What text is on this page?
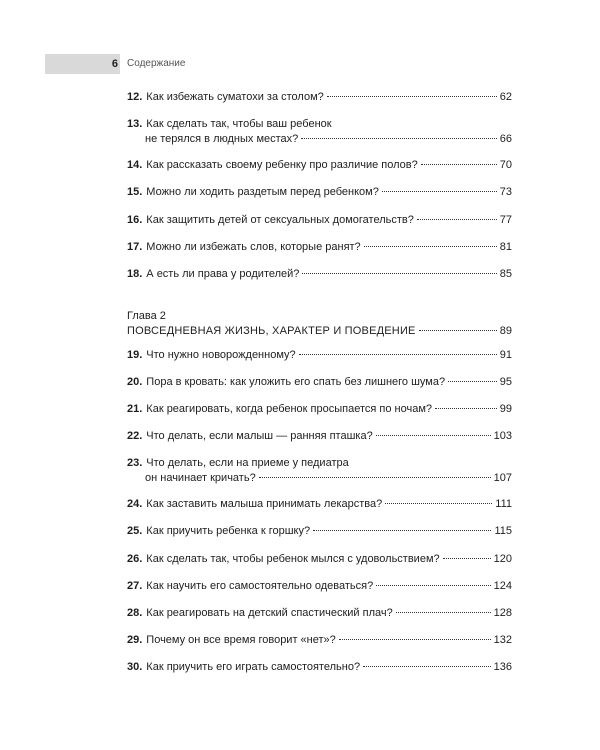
6 Содержание
12. Как избежать суматохи за столом?	62
13. Как сделать так, чтобы ваш ребенок
не терялся в людных местах?	66
14. Как рассказать своему ребенку про различие полов?	70
15. Можно ли ходить раздетым перед ребенком?	73
16. Как защитить детей от сексуальных домогательств?	77
17. Можно ли избежать слов, которые ранят?	81
18. А есть ли права у родителей?	85
Глава 2
ПОВСЕДНЕВНАЯ ЖИЗНЬ, ХАРАКТЕР И ПОВЕДЕНИЕ	89
19. Что нужно новорожденному?	91
20. Пора в кровать: как уложить его спать без лишнего шума?	95
21. Как реагировать, когда ребенок просыпается по ночам?	99
22. Что делать, если малыш — ранняя пташка?	103
23. Что делать, если на приеме у педиатра
он начинает кричать?	107
24. Как заставить малыша принимать лекарства?	111
25. Как приучить ребенка к горшку?	115
26. Как сделать так, чтобы ребенок мылся с удовольствием?	120
27. Как научить его самостоятельно одеваться?	124
28. Как реагировать на детский спастический плач?	128
29. Почему он все время говорит «нет»?	132
30. Как приучить его играть самостоятельно?	136
